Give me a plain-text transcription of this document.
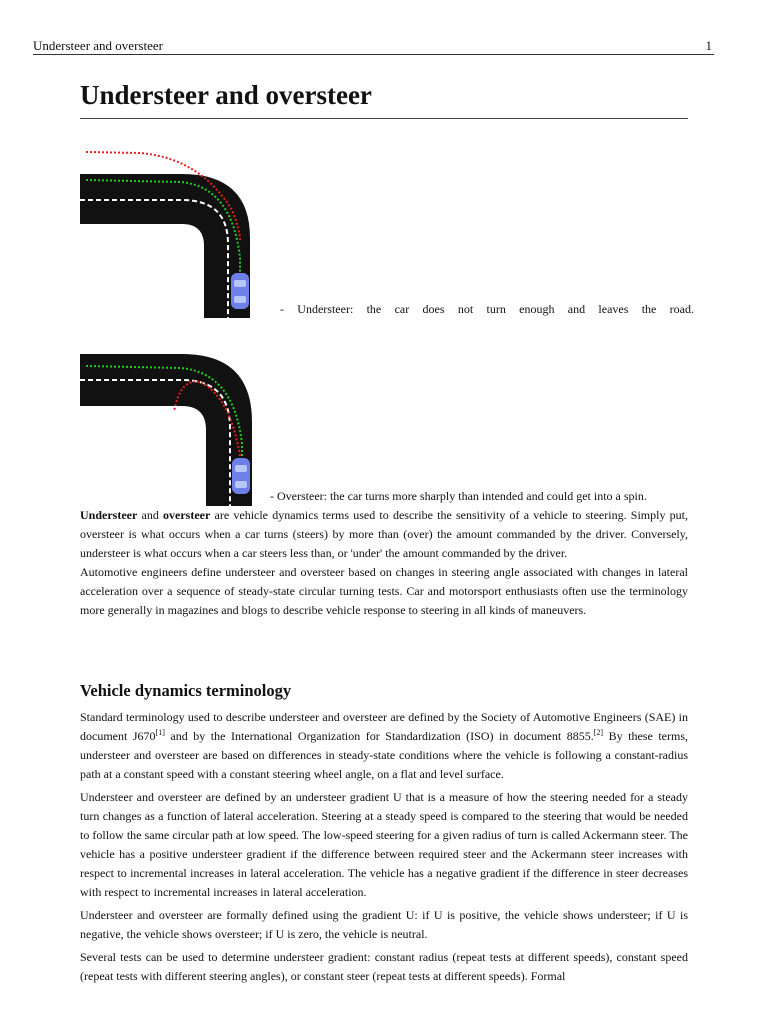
Understeer and oversteer	1
Understeer and oversteer
- Understeer: the car does not turn enough and leaves the road.
- Oversteer: the car turns more sharply than intended and could get into a spin.

Understeer and oversteer are vehicle dynamics terms used to describe the sensitivity of a vehicle to steering. Simply put, oversteer is what occurs when a car turns (steers) by more than (over) the amount commanded by the driver. Conversely, understeer is what occurs when a car steers less than, or 'under' the amount commanded by the driver.

Automotive engineers define understeer and oversteer based on changes in steering angle associated with changes in lateral acceleration over a sequence of steady-state circular turning tests. Car and motorsport enthusiasts often use the terminology more generally in magazines and blogs to describe vehicle response to steering in all kinds of maneuvers.

Vehicle dynamics terminology

Standard terminology used to describe understeer and oversteer are defined by the Society of Automotive Engineers (SAE) in document J670[1] and by the International Organization for Standardization (ISO) in document 8855.[2] By these terms, understeer and oversteer are based on differences in steady-state conditions where the vehicle is following a constant-radius path at a constant speed with a constant steering wheel angle, on a flat and level surface.

Understeer and oversteer are defined by an understeer gradient U that is a measure of how the steering needed for a steady turn changes as a function of lateral acceleration. Steering at a steady speed is compared to the steering that would be needed to follow the same circular path at low speed. The low-speed steering for a given radius of turn is called Ackermann steer. The vehicle has a positive understeer gradient if the difference between required steer and the Ackermann steer increases with respect to incremental increases in lateral acceleration. The vehicle has a negative gradient if the difference in steer decreases with respect to incremental increases in lateral acceleration.

Understeer and oversteer are formally defined using the gradient U: if U is positive, the vehicle shows understeer; if U is negative, the vehicle shows oversteer; if U is zero, the vehicle is neutral.

Several tests can be used to determine understeer gradient: constant radius (repeat tests at different speeds), constant speed (repeat tests with different steering angles), or constant steer (repeat tests at different speeds). Formal
